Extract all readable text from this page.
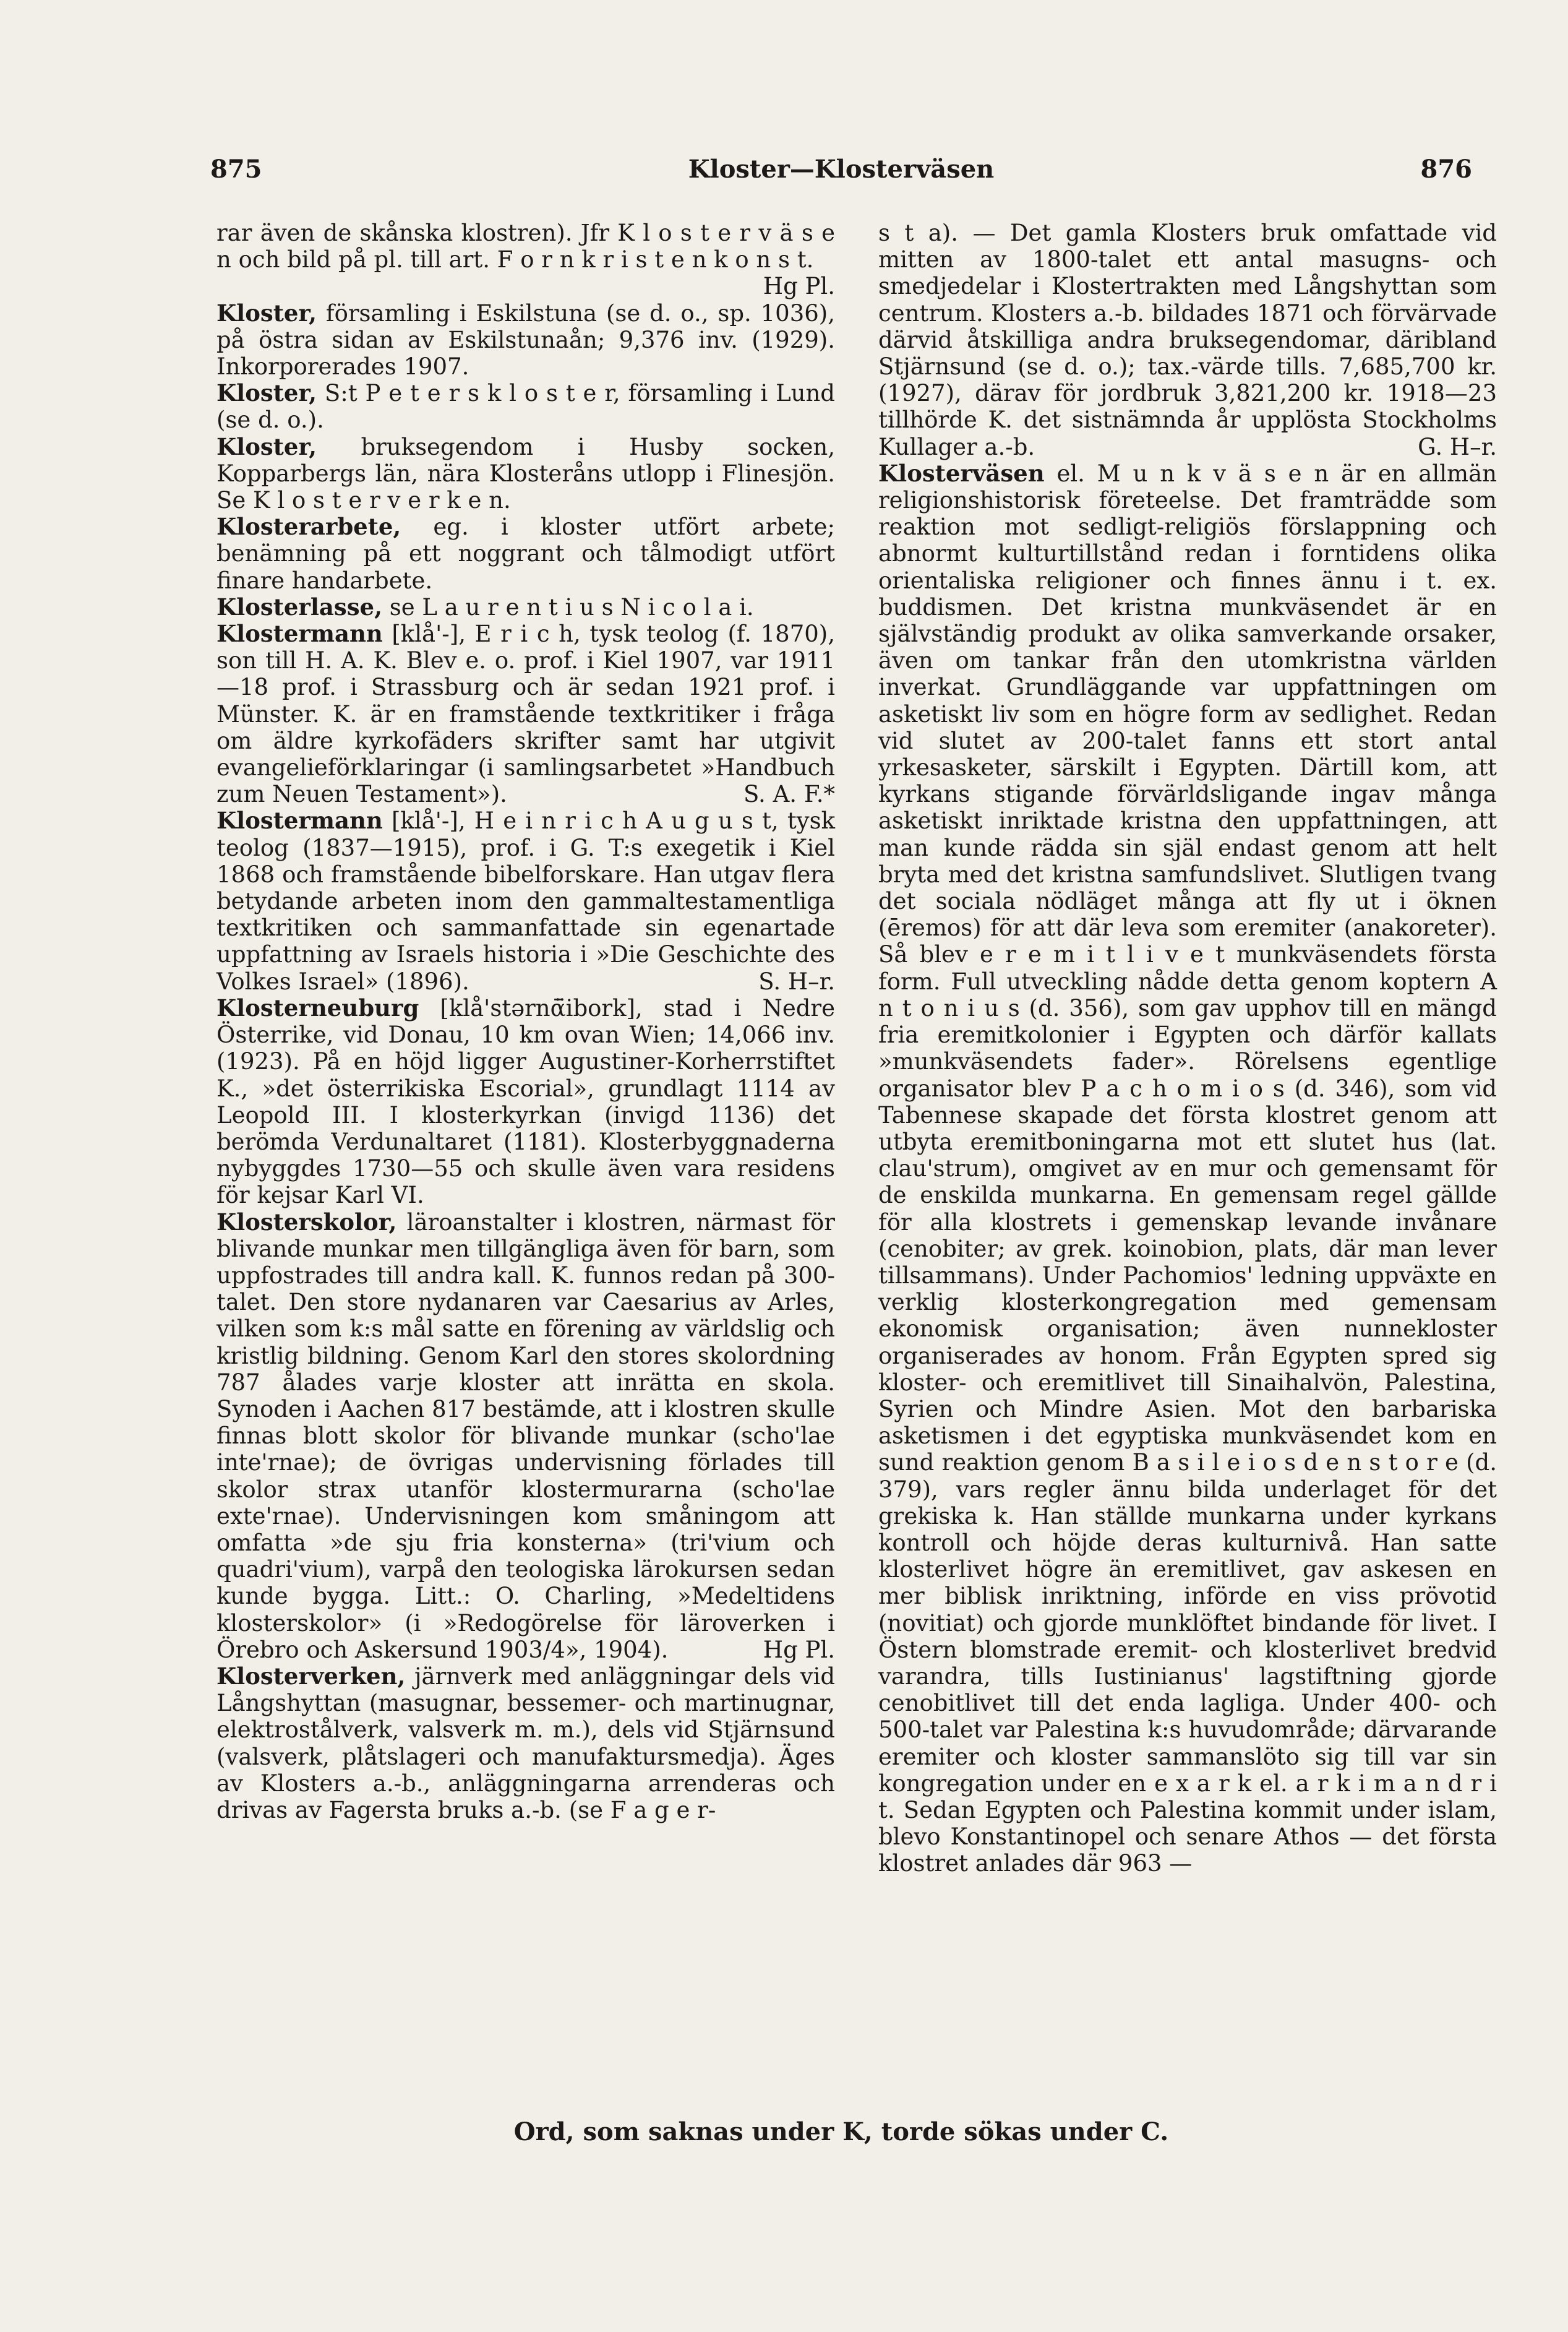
875	Kloster—Klosterväsen	876

rar även de skånska klostren). Jfr K l o s t e r v ä s e n och bild på pl. till art. F o r n k r i s t e n k o n s t.
Hg Pl.

Kloster, församling i Eskilstuna (se d. o., sp. 1036), på östra sidan av Eskilstunaån; 9,376 inv. (1929). Inkorporerades 1907.

Kloster, S:t P e t e r s k l o s t e r, församling i Lund (se d. o.).

Kloster, bruksegendom i Husby socken, Kopparbergs län, nära Klosteråns utlopp i Flinesjön. Se K l o s t e r v e r k e n.

Klosterarbete, eg. i kloster utfört arbete; benämning på ett noggrant och tålmodigt utfört finare handarbete.

Klosterlasse, se L a u r e n t i u s N i c o l a i.

Klostermann [klå'-], E r i c h, tysk teolog (f. 1870), son till H. A. K. Blev e. o. prof. i Kiel 1907, var 1911—18 prof. i Strassburg och är sedan 1921 prof. i Münster. K. är en framstående textkritiker i fråga om äldre kyrkofäders skrifter samt har utgivit evangelieförklaringar (i samlingsarbetet »Handbuch zum Neuen Testament»).	S. A. F.*

Klostermann [klå'-], H e i n r i c h A u g u s t, tysk teolog (1837—1915), prof. i G. T:s exegetik i Kiel 1868 och framstående bibelforskare. Han utgav flera betydande arbeten inom den gammaltestamentliga textkritiken och sammanfattade sin egenartade uppfattning av Israels historia i »Die Geschichte des Volkes Israel» (1896).	S. H–r.

Klosterneuburg [klå'stərnᾱ̈ibork], stad i Nedre Österrike, vid Donau, 10 km ovan Wien; 14,066 inv. (1923). På en höjd ligger Augustiner-Korherrstiftet K., »det österrikiska Escorial», grundlagt 1114 av Leopold III. I klosterkyrkan (invigd 1136) det berömda Verdunaltaret (1181). Klosterbyggnaderna nybyggdes 1730—55 och skulle även vara residens för kejsar Karl VI.

Klosterskolor, läroanstalter i klostren, närmast för blivande munkar men tillgängliga även för barn, som uppfostrades till andra kall. K. funnos redan på 300-talet. Den store nydanaren var Caesarius av Arles, vilken som k:s mål satte en förening av världslig och kristlig bildning. Genom Karl den stores skolordning 787 ålades varje kloster att inrätta en skola. Synoden i Aachen 817 bestämde, att i klostren skulle finnas blott skolor för blivande munkar (scho'lae inte'rnae); de övrigas undervisning förlades till skolor strax utanför klostermurarna (scho'lae exte'rnae). Undervisningen kom småningom att omfatta »de sju fria konsterna» (tri'vium och quadri'vium), varpå den teologiska lärokursen sedan kunde bygga. Litt.: O. Charling, »Medeltidens klosterskolor» (i »Redogörelse för läroverken i Örebro och Askersund 1903/4», 1904).	Hg Pl.

Klosterverken, järnverk med anläggningar dels vid Långshyttan (masugnar, bessemer- och martinugnar, elektrostålverk, valsverk m. m.), dels vid Stjärnsund (valsverk, plåtslageri och manufaktursmedja). Äges av Klosters a.-b., anläggningarna arrenderas och drivas av Fagersta bruks a.-b. (se F a g e r-

s t a). — Det gamla Klosters bruk omfattade vid mitten av 1800-talet ett antal masugns- och smedjedelar i Klostertrakten med Långshyttan som centrum. Klosters a.-b. bildades 1871 och förvärvade därvid åtskilliga andra bruksegendomar, däribland Stjärnsund (se d. o.); tax.-värde tills. 7,685,700 kr. (1927), därav för jordbruk 3,821,200 kr. 1918—23 tillhörde K. det sistnämnda år upplösta Stockholms Kullager a.-b.	G. H–r.

Klosterväsen el. M u n k v ä s e n är en allmän religionshistorisk företeelse. Det framträdde som reaktion mot sedligt-religiös förslappning och abnormt kulturtillstånd redan i forntidens olika orientaliska religioner och finnes ännu i t. ex. buddismen. Det kristna munkväsendet är en självständig produkt av olika samverkande orsaker, även om tankar från den utomkristna världen inverkat. Grundläggande var uppfattningen om asketiskt liv som en högre form av sedlighet. Redan vid slutet av 200-talet fanns ett stort antal yrkesasketer, särskilt i Egypten. Därtill kom, att kyrkans stigande förvärldsligande ingav många asketiskt inriktade kristna den uppfattningen, att man kunde rädda sin själ endast genom att helt bryta med det kristna samfundslivet. Slutligen tvang det sociala nödläget många att fly ut i öknen (ēremos) för att där leva som eremiter (anakoreter). Så blev e r e m i t l i v e t munkväsendets första form. Full utveckling nådde detta genom koptern A n t o n i u s (d. 356), som gav upphov till en mängd fria eremitkolonier i Egypten och därför kallats »munkväsendets fader». Rörelsens egentlige organisator blev P a c h o m i o s (d. 346), som vid Tabennese skapade det första klostret genom att utbyta eremitboningarna mot ett slutet hus (lat. clau'strum), omgivet av en mur och gemensamt för de enskilda munkarna. En gemensam regel gällde för alla klostrets i gemenskap levande invånare (cenobiter; av grek. koinobion, plats, där man lever tillsammans). Under Pachomios' ledning uppväxte en verklig klosterkongregation med gemensam ekonomisk organisation; även nunnekloster organiserades av honom. Från Egypten spred sig kloster- och eremitlivet till Sinaihalvön, Palestina, Syrien och Mindre Asien. Mot den barbariska asketismen i det egyptiska munkväsendet kom en sund reaktion genom B a s i l e i o s d e n s t o r e (d. 379), vars regler ännu bilda underlaget för det grekiska k. Han ställde munkarna under kyrkans kontroll och höjde deras kulturnivå. Han satte klosterlivet högre än eremitlivet, gav askesen en mer biblisk inriktning, införde en viss prövotid (novitiat) och gjorde munklöftet bindande för livet. I Östern blomstrade eremit- och klosterlivet bredvid varandra, tills Iustinianus' lagstiftning gjorde cenobitlivet till det enda lagliga. Under 400- och 500-talet var Palestina k:s huvudområde; därvarande eremiter och kloster sammanslöto sig till var sin kongregation under en e x a r k el. a r k i m a n d r i t. Sedan Egypten och Palestina kommit under islam, blevo Konstantinopel och senare Athos — det första klostret anlades där 963 —

Ord, som saknas under K, torde sökas under C.
